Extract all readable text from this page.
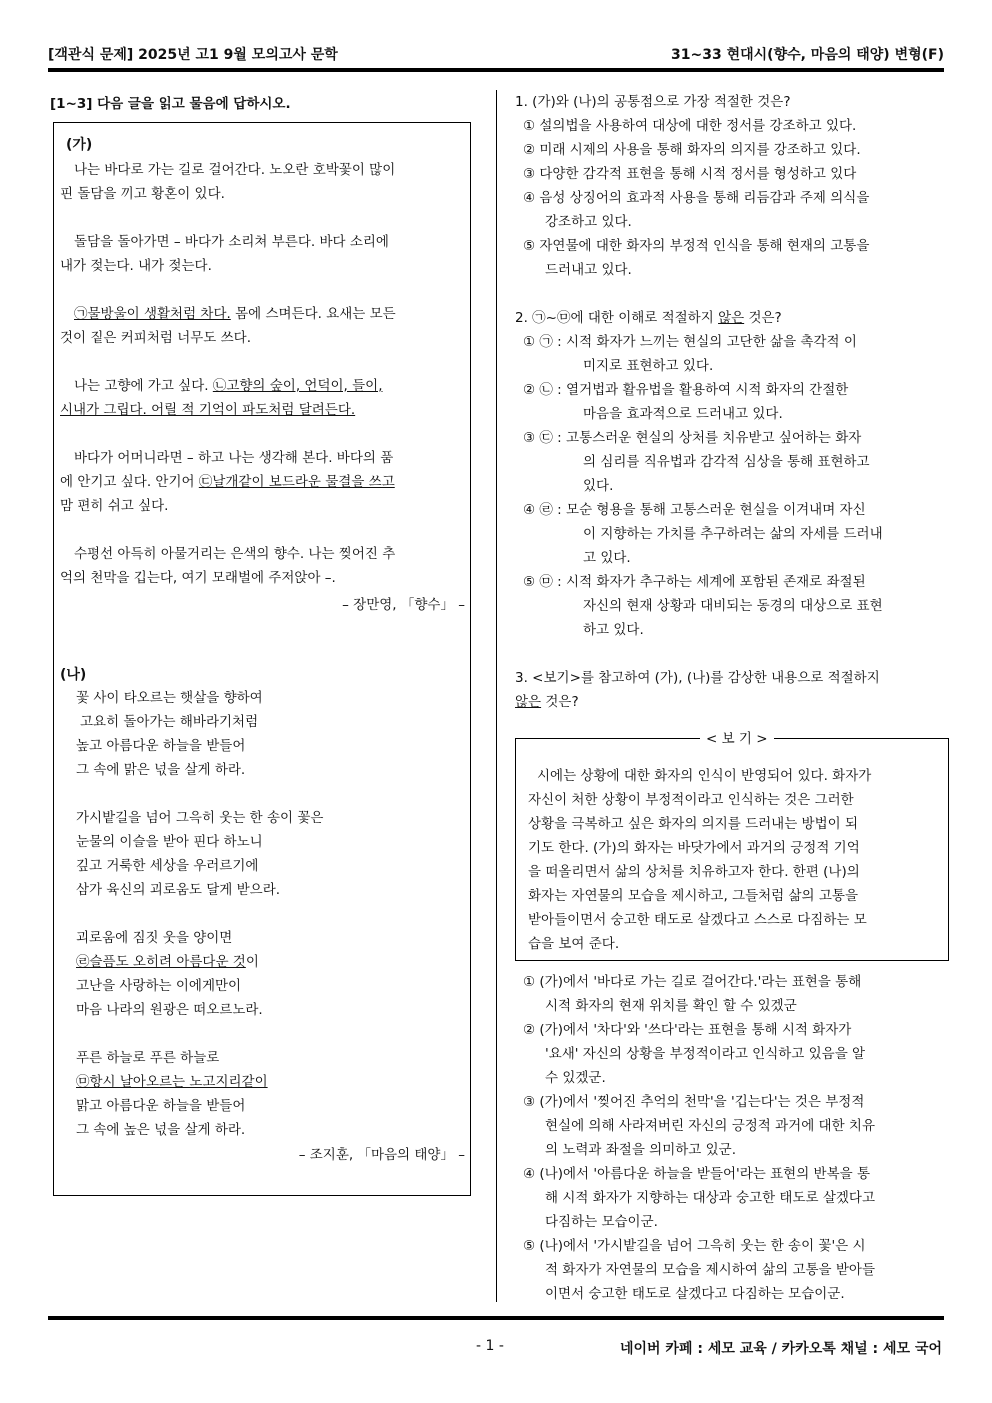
[객관식 문제] 2025년 고1 9월 모의고사 문학	31~33 현대시(향수, 마음의 태양) 변형(F)
[1~3] 다음 글을 읽고 물음에 답하시오.
(가)
나는 바다로 가는 길로 걸어간다. 노오란 호박꽃이 많이
핀 돌담을 끼고 황혼이 있다.
돌담을 돌아가면 – 바다가 소리쳐 부른다. 바다 소리에
내가 젖는다. 내가 젖는다.
㉠물방울이 생활처럼 차다. 몸에 스며든다. 요새는 모든
것이 짙은 커피처럼 너무도 쓰다.
나는 고향에 가고 싶다. ㉡고향의 숲이, 언덕이, 들이,
시내가 그립다. 어릴 적 기억이 파도처럼 달려든다.
바다가 어머니라면 – 하고 나는 생각해 본다. 바다의 품
에 안기고 싶다. 안기어 ㉢날개같이 보드라운 물결을 쓰고
맘 편히 쉬고 싶다.
수평선 아득히 아물거리는 은색의 향수. 나는 찢어진 추
억의 천막을 깁는다, 여기 모래벌에 주저앉아 –.
– 장만영, 「향수」 –
(나)
꽃 사이 타오르는 햇살을 향하여
고요히 돌아가는 해바라기처럼
높고 아름다운 하늘을 받들어
그 속에 맑은 넋을 살게 하라.
가시밭길을 넘어 그윽히 웃는 한 송이 꽃은
눈물의 이슬을 받아 핀다 하노니
깊고 거룩한 세상을 우러르기에
삼가 육신의 괴로움도 달게 받으라.
괴로움에 짐짓 웃을 양이면
㉣슬픔도 오히려 아름다운 것이
고난을 사랑하는 이에게만이
마음 나라의 원광은 떠오르노라.
푸른 하늘로 푸른 하늘로
㉤항시 날아오르는 노고지리같이
맑고 아름다운 하늘을 받들어
그 속에 높은 넋을 살게 하라.
– 조지훈, 「마음의 태양」 –
1. (가)와 (나)의 공통점으로 가장 적절한 것은?
① 설의법을 사용하여 대상에 대한 정서를 강조하고 있다.
② 미래 시제의 사용을 통해 화자의 의지를 강조하고 있다.
③ 다양한 감각적 표현을 통해 시적 정서를 형성하고 있다
④ 음성 상징어의 효과적 사용을 통해 리듬감과 주제 의식을
강조하고 있다.
⑤ 자연물에 대한 화자의 부정적 인식을 통해 현재의 고통을
드러내고 있다.
2. ㉠~㉤에 대한 이해로 적절하지 않은 것은?
① ㉠ : 시적 화자가 느끼는 현실의 고단한 삶을 촉각적 이
미지로 표현하고 있다.
② ㉡ : 열거법과 활유법을 활용하여 시적 화자의 간절한
마음을 효과적으로 드러내고 있다.
③ ㉢ : 고통스러운 현실의 상처를 치유받고 싶어하는 화자
의 심리를 직유법과 감각적 심상을 통해 표현하고
있다.
④ ㉣ : 모순 형용을 통해 고통스러운 현실을 이겨내며 자신
이 지향하는 가치를 추구하려는 삶의 자세를 드러내
고 있다.
⑤ ㉤ : 시적 화자가 추구하는 세계에 포함된 존재로 좌절된
자신의 현재 상황과 대비되는 동경의 대상으로 표현
하고 있다.
3. <보기>를 참고하여 (가), (나)를 감상한 내용으로 적절하지
않은 것은?
< 보 기 >
시에는 상황에 대한 화자의 인식이 반영되어 있다. 화자가
자신이 처한 상황이 부정적이라고 인식하는 것은 그러한
상황을 극복하고 싶은 화자의 의지를 드러내는 방법이 되
기도 한다. (가)의 화자는 바닷가에서 과거의 긍정적 기억
을 떠올리면서 삶의 상처를 치유하고자 한다. 한편 (나)의
화자는 자연물의 모습을 제시하고, 그들처럼 삶의 고통을
받아들이면서 숭고한 태도로 살겠다고 스스로 다짐하는 모
습을 보여 준다.
① (가)에서 '바다로 가는 길로 걸어간다.'라는 표현을 통해
시적 화자의 현재 위치를 확인 할 수 있겠군
② (가)에서 '차다'와 '쓰다'라는 표현을 통해 시적 화자가
'요새' 자신의 상황을 부정적이라고 인식하고 있음을 알
수 있겠군.
③ (가)에서 '찢어진 추억의 천막'을 '깁는다'는 것은 부정적
현실에 의해 사라져버린 자신의 긍정적 과거에 대한 치유
의 노력과 좌절을 의미하고 있군.
④ (나)에서 '아름다운 하늘을 받들어'라는 표현의 반복을 통
해 시적 화자가 지향하는 대상과 숭고한 태도로 살겠다고
다짐하는 모습이군.
⑤ (나)에서 '가시밭길을 넘어 그윽히 웃는 한 송이 꽃'은 시
적 화자가 자연물의 모습을 제시하여 삶의 고통을 받아들
이면서 숭고한 태도로 살겠다고 다짐하는 모습이군.
- 1 -	네이버 카페 : 세모 교육 / 카카오톡 채널 : 세모 국어
